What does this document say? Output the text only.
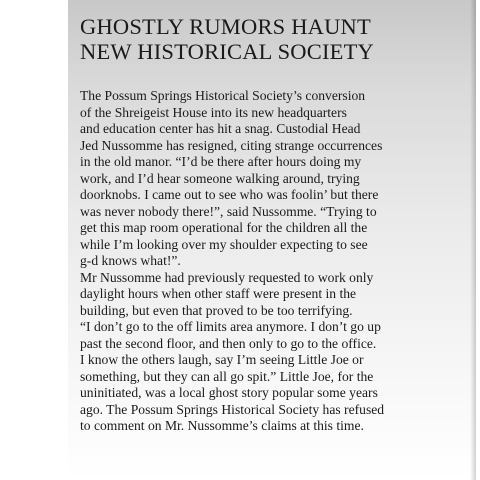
GHOSTLY RUMORS HAUNT
NEW HISTORICAL SOCIETY
The Possum Springs Historical Society’s conversion
of the Shreigeist House into its new headquarters
and education center has hit a snag. Custodial Head
Jed Nussomme has resigned, citing strange occurrences
in the old manor. “I’d be there after hours doing my
work, and I’d hear someone walking around, trying
doorknobs. I came out to see who was foolin’ but there
was never nobody there!”, said Nussomme. “Trying to
get this map room operational for the children all the
while I’m looking over my shoulder expecting to see
g-d knows what!”.
Mr Nussomme had previously requested to work only
daylight hours when other staff were present in the
building, but even that proved to be too terrifying.
“I don’t go to the off limits area anymore. I don’t go up
past the second floor, and then only to go to the office.
I know the others laugh, say I’m seeing Little Joe or
something, but they can all go spit.” Little Joe, for the
uninitiated, was a local ghost story popular some years
ago. The Possum Springs Historical Society has refused
to comment on Mr. Nussomme’s claims at this time.
